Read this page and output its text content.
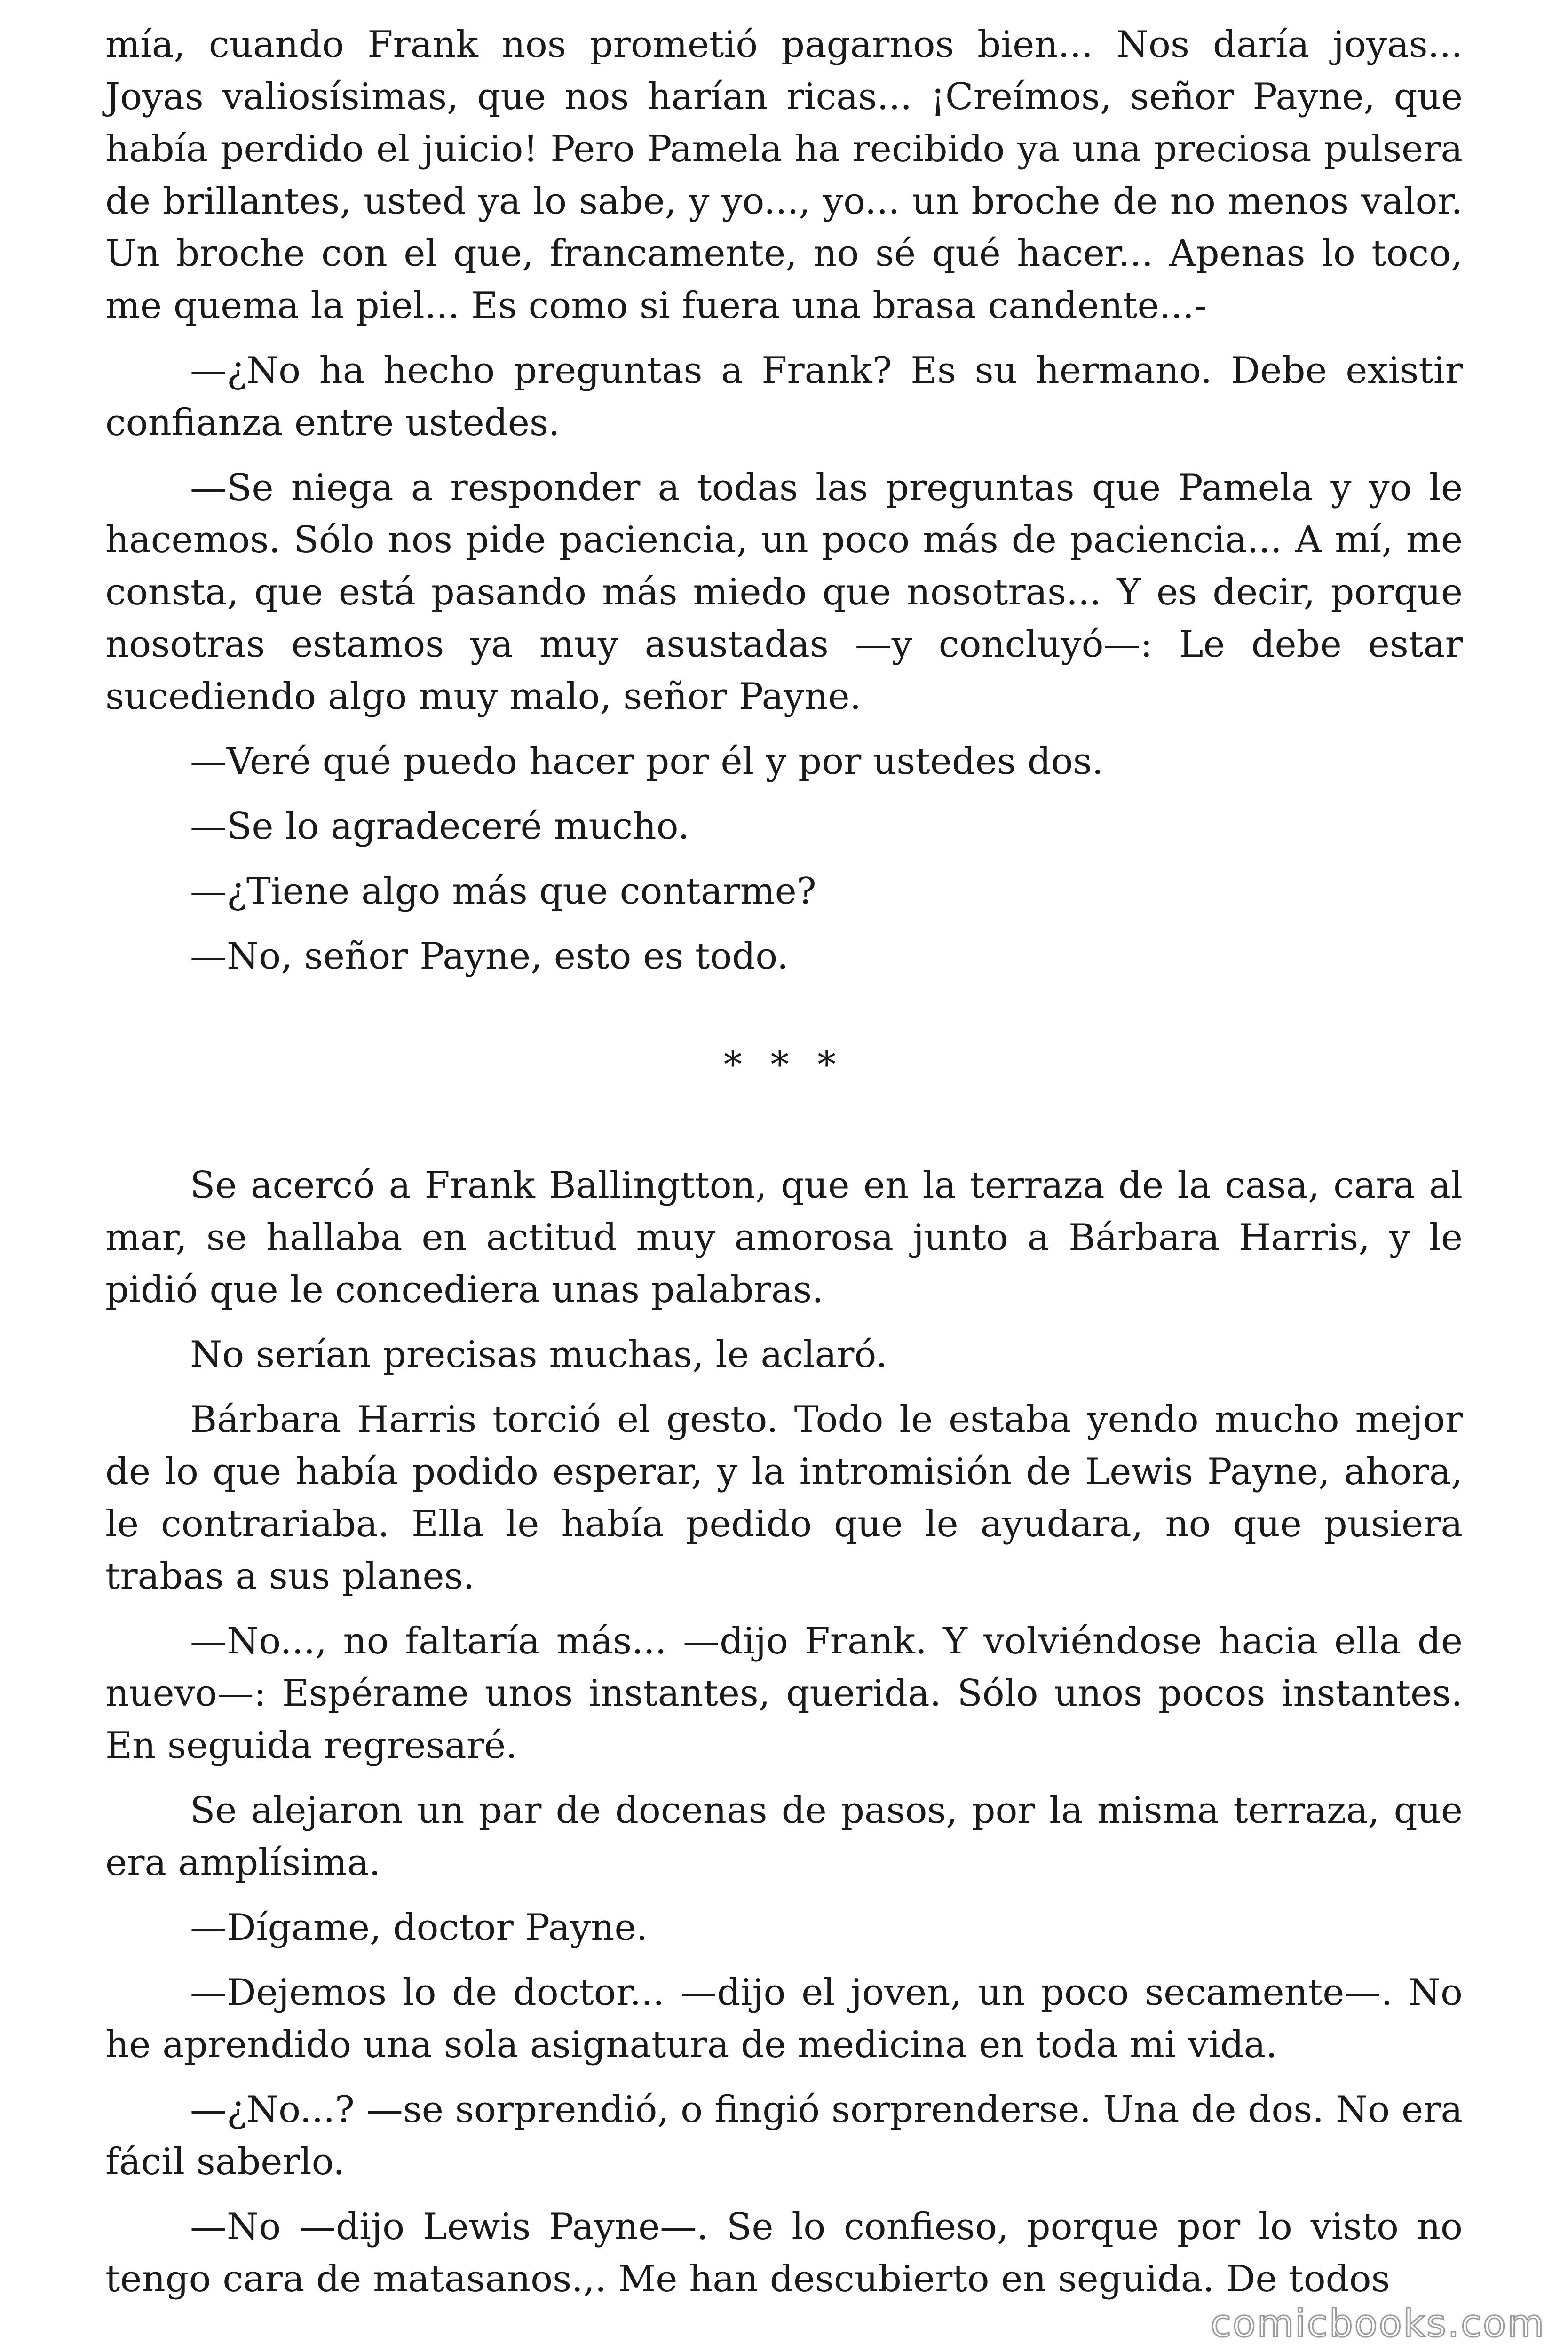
mía, cuando Frank nos prometió pagarnos bien... Nos daría joyas... Joyas valiosísimas, que nos harían ricas... ¡Creímos, señor Payne, que había perdido el juicio! Pero Pamela ha recibido ya una preciosa pulsera de brillantes, usted ya lo sabe, y yo..., yo... un broche de no menos valor. Un broche con el que, francamente, no sé qué hacer... Apenas lo toco, me quema la piel... Es como si fuera una brasa candente...-

—¿No ha hecho preguntas a Frank? Es su hermano. Debe existir confianza entre ustedes.

—Se niega a responder a todas las preguntas que Pamela y yo le hacemos. Sólo nos pide paciencia, un poco más de paciencia... A mí, me consta, que está pasando más miedo que nosotras... Y es decir, porque nosotras estamos ya muy asustadas —y concluyó—: Le debe estar sucediendo algo muy malo, señor Payne.

—Veré qué puedo hacer por él y por ustedes dos.

—Se lo agradeceré mucho.

—¿Tiene algo más que contarme?

—No, señor Payne, esto es todo.

* * *

Se acercó a Frank Ballingtton, que en la terraza de la casa, cara al mar, se hallaba en actitud muy amorosa junto a Bárbara Harris, y le pidió que le concediera unas palabras.

No serían precisas muchas, le aclaró.

Bárbara Harris torció el gesto. Todo le estaba yendo mucho mejor de lo que había podido esperar, y la intromisión de Lewis Payne, ahora, le contrariaba. Ella le había pedido que le ayudara, no que pusiera trabas a sus planes.

—No..., no faltaría más... —dijo Frank. Y volviéndose hacia ella de nuevo—: Espérame unos instantes, querida. Sólo unos pocos instantes. En seguida regresaré.

Se alejaron un par de docenas de pasos, por la misma terraza, que era amplísima.

—Dígame, doctor Payne.

—Dejemos lo de doctor... —dijo el joven, un poco secamente—. No he aprendido una sola asignatura de medicina en toda mi vida.

—¿No...? —se sorprendió, o fingió sorprenderse. Una de dos. No era fácil saberlo.

—No —dijo Lewis Payne—. Se lo confieso, porque por lo visto no tengo cara de matasanos.,. Me han descubierto en seguida. De todos

comicbooks.com
